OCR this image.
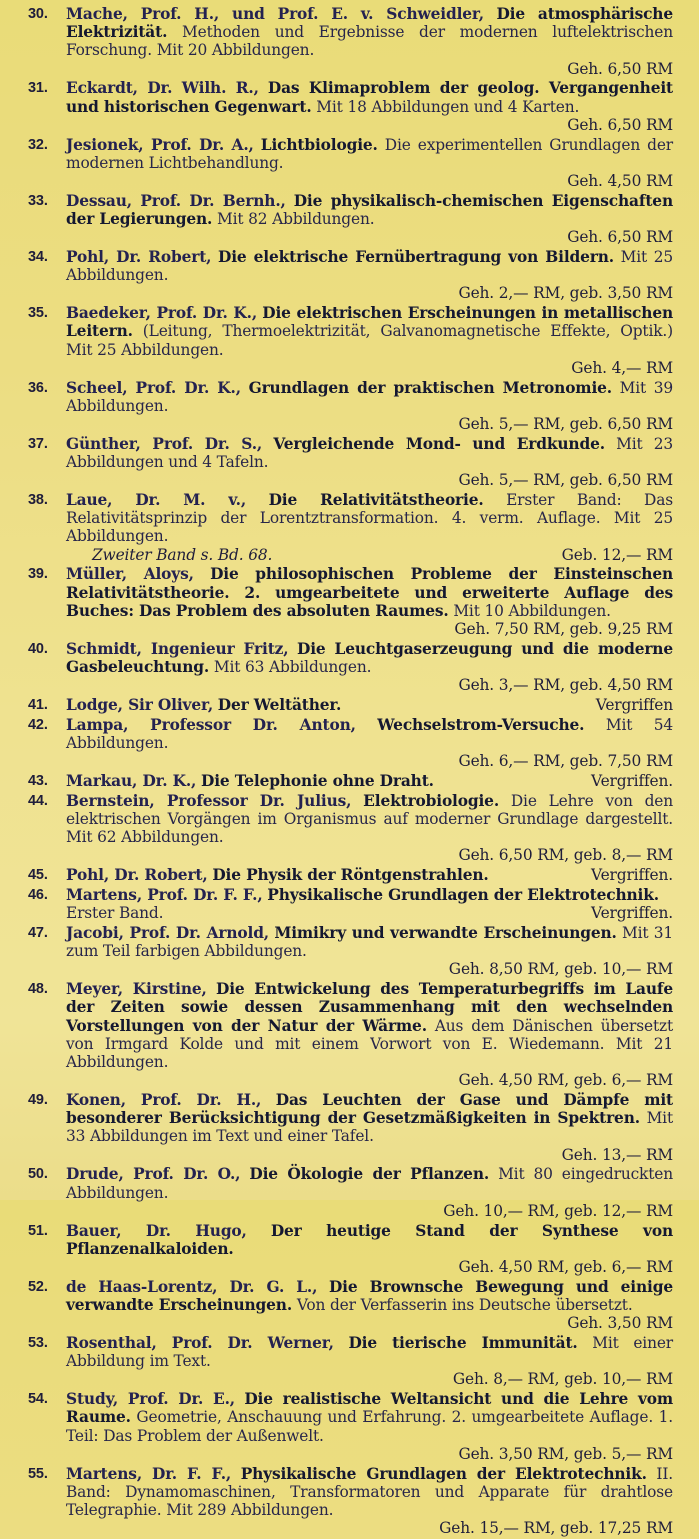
30.	Mache, Prof. H., und Prof. E. v. Schweidler, Die atmosphärische Elektrizität. Methoden und Ergebnisse der modernen luftelektrischen Forschung. Mit 20 Abbildungen.
Geh. 6,50 RM
31.	Eckardt, Dr. Wilh. R., Das Klimaproblem der geolog. Vergangenheit und historischen Gegenwart. Mit 18 Abbildungen und 4 Karten.
Geh. 6,50 RM
32.	Jesionek, Prof. Dr. A., Lichtbiologie. Die experimentellen Grundlagen der modernen Lichtbehandlung.
Geh. 4,50 RM
33.	Dessau, Prof. Dr. Bernh., Die physikalisch-chemischen Eigenschaften der Legierungen. Mit 82 Abbildungen.
Geh. 6,50 RM
34.	Pohl, Dr. Robert, Die elektrische Fernübertragung von Bildern. Mit 25 Abbildungen.
Geh. 2,— RM, geb. 3,50 RM
35.	Baedeker, Prof. Dr. K., Die elektrischen Erscheinungen in metallischen Leitern. (Leitung, Thermoelektrizität, Galvanomagnetische Effekte, Optik.) Mit 25 Abbildungen.
Geh. 4,— RM
36.	Scheel, Prof. Dr. K., Grundlagen der praktischen Metronomie. Mit 39 Abbildungen.
Geh. 5,— RM, geb. 6,50 RM
37.	Günther, Prof. Dr. S., Vergleichende Mond- und Erdkunde. Mit 23 Abbildungen und 4 Tafeln.
Geh. 5,— RM, geb. 6,50 RM
38.	Laue, Dr. M. v., Die Relativitätstheorie. Erster Band: Das Relativitätsprinzip der Lorentztransformation. 4. verm. Auflage. Mit 25 Abbildungen.
Zweiter Band s. Bd. 68.	Geb. 12,— RM
39.	Müller, Aloys, Die philosophischen Probleme der Einsteinschen Relativitätstheorie. 2. umgearbeitete und erweiterte Auflage des Buches: Das Problem des absoluten Raumes. Mit 10 Abbildungen.
Geh. 7,50 RM, geb. 9,25 RM
40.	Schmidt, Ingenieur Fritz, Die Leuchtgaserzeugung und die moderne Gasbeleuchtung. Mit 63 Abbildungen.
Geh. 3,— RM, geb. 4,50 RM
41.	Lodge, Sir Oliver, Der Weltäther.	Vergriffen
42.	Lampa, Professor Dr. Anton, Wechselstrom-Versuche. Mit 54 Abbildungen.
Geh. 6,— RM, geb. 7,50 RM
43.	Markau, Dr. K., Die Telephonie ohne Draht.	Vergriffen.
44.	Bernstein, Professor Dr. Julius, Elektrobiologie. Die Lehre von den elektrischen Vorgängen im Organismus auf moderner Grundlage dargestellt. Mit 62 Abbildungen.
Geh. 6,50 RM, geb. 8,— RM
45.	Pohl, Dr. Robert, Die Physik der Röntgenstrahlen.	Vergriffen.
46.	Martens, Prof. Dr. F. F., Physikalische Grundlagen der Elektrotechnik.
Erster Band.	Vergriffen.
47.	Jacobi, Prof. Dr. Arnold, Mimikry und verwandte Erscheinungen. Mit 31 zum Teil farbigen Abbildungen.
Geh. 8,50 RM, geb. 10,— RM
48.	Meyer, Kirstine, Die Entwickelung des Temperaturbegriffs im Laufe der Zeiten sowie dessen Zusammenhang mit den wechselnden Vorstellungen von der Natur der Wärme. Aus dem Dänischen übersetzt von Irmgard Kolde und mit einem Vorwort von E. Wiedemann. Mit 21 Abbildungen.
Geh. 4,50 RM, geb. 6,— RM
49.	Konen, Prof. Dr. H., Das Leuchten der Gase und Dämpfe mit besonderer Berücksichtigung der Gesetzmäßigkeiten in Spektren. Mit 33 Abbildungen im Text und einer Tafel.
Geh. 13,— RM
50.	Drude, Prof. Dr. O., Die Ökologie der Pflanzen. Mit 80 eingedruckten Abbildungen.
Geh. 10,— RM, geb. 12,— RM
51.	Bauer, Dr. Hugo, Der heutige Stand der Synthese von Pflanzenalkaloiden.
Geh. 4,50 RM, geb. 6,— RM
52.	de Haas-Lorentz, Dr. G. L., Die Brownsche Bewegung und einige verwandte Erscheinungen. Von der Verfasserin ins Deutsche übersetzt.
Geh. 3,50 RM
53.	Rosenthal, Prof. Dr. Werner, Die tierische Immunität. Mit einer Abbildung im Text.
Geh. 8,— RM, geb. 10,— RM
54.	Study, Prof. Dr. E., Die realistische Weltansicht und die Lehre vom Raume. Geometrie, Anschauung und Erfahrung. 2. umgearbeitete Auflage. 1. Teil: Das Problem der Außenwelt.
Geh. 3,50 RM, geb. 5,— RM
55.	Martens, Dr. F. F., Physikalische Grundlagen der Elektrotechnik. II. Band: Dynamomaschinen, Transformatoren und Apparate für drahtlose Telegraphie. Mit 289 Abbildungen.
Geh. 15,— RM, geb. 17,25 RM
